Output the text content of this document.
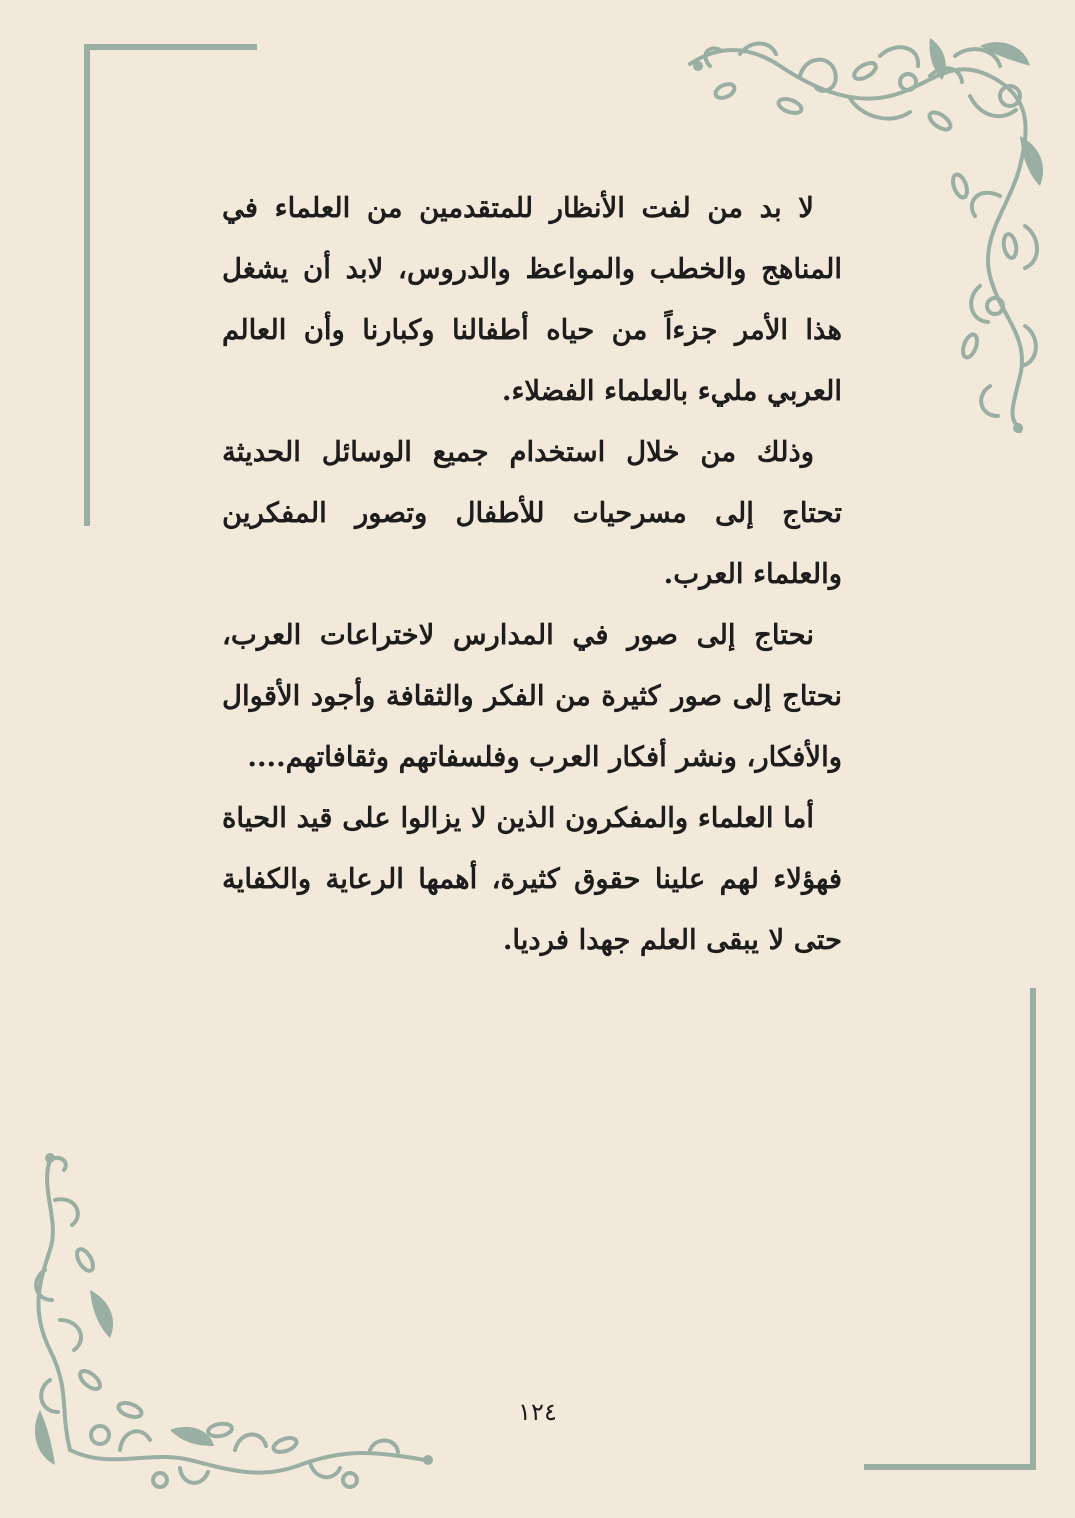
لا بد من لفت الأنظار للمتقدمين من العلماء في المناهج والخطب والمواعظ والدروس، لابد أن يشغل هذا الأمر جزءاً من حياه أطفالنا وكبارنا وأن العالم العربي مليء بالعلماء الفضلاء.

وذلك من خلال استخدام جميع الوسائل الحديثة تحتاج إلى مسرحيات للأطفال وتصور المفكرين والعلماء العرب.

نحتاج إلى صور في المدارس لاختراعات العرب، نحتاج إلى صور كثيرة من الفكر والثقافة وأجود الأقوال والأفكار، ونشر أفكار العرب وفلسفاتهم وثقافاتهم....

أما العلماء والمفكرون الذين لا يزالوا على قيد الحياة فهؤلاء لهم علينا حقوق كثيرة، أهمها الرعاية والكفاية حتى لا يبقى العلم جهدا فرديا.

١٢٤
